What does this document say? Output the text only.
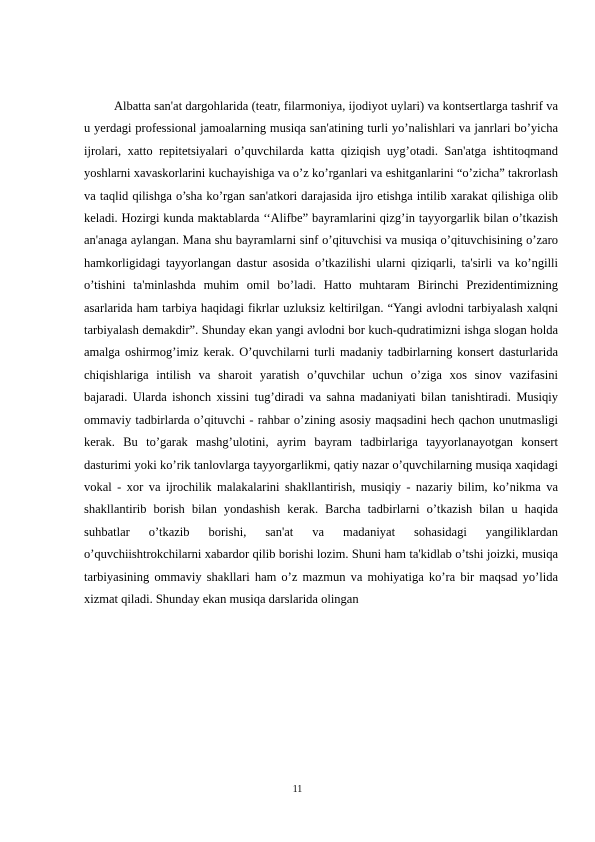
Albatta san'at dargohlarida (teatr, filarmoniya, ijodiyot uylari) va kontsertlarga tashrif va u yerdagi professional jamoalarning musiqa san'atining turli yo’nalishlari va janrlari bo’yicha ijrolari, xatto repitetsiyalari o’quvchilarda katta qiziqish uyg’otadi. San'atga ishtitoqmand yoshlarni xavaskorlarini kuchayishiga va o’z ko’rganlari va eshitganlarini “o’zicha” takrorlash va taqlid qilishga o’sha ko’rgan san'atkori darajasida ijro etishga intilib xarakat qilishiga olib keladi. Hozirgi kunda maktablarda ‘‘Alifbe” bayramlarini qizg’in tayyorgarlik bilan o’tkazish an'anaga aylangan. Mana shu bayramlarni sinf o’qituvchisi va musiqa o’qituvchisining o’zaro hamkorligidagi tayyorlangan dastur asosida o’tkazilishi ularni qiziqarli, ta'sirli va ko’ngilli o’tishini ta'minlashda muhim omil bo’ladi. Hatto muhtaram Birinchi Prezidentimizning asarlarida ham tarbiya haqidagi fikrlar uzluksiz keltirilgan. “Yangi avlodni tarbiyalash xalqni tarbiyalash demakdir”. Shunday ekan yangi avlodni bor kuch-qudratimizni ishga slogan holda amalga oshirmog’imiz kerak. O’quvchilarni turli madaniy tadbirlarning konsert dasturlarida chiqishlariga intilish va sharoit yaratish o’quvchilar uchun o’ziga xos sinov vazifasini bajaradi. Ularda ishonch xissini tug’diradi va sahna madaniyati bilan tanishtiradi. Musiqiy ommaviy tadbirlarda o’qituvchi - rahbar o’zining asosiy maqsadini hech qachon unutmasligi kerak. Bu to’garak mashg’ulotini, ayrim bayram tadbirlariga tayyorlanayotgan konsert dasturimi yoki ko’rik tanlovlarga tayyorgarlikmi, qatiy nazar o’quvchilarning musiqa xaqidagi vokal - xor va ijrochilik malakalarini shakllantirish, musiqiy - nazariy bilim, ko’nikma va shakllantirib borish bilan yondashish kerak. Barcha tadbirlarni o’tkazish bilan u haqida suhbatlar o’tkazib borishi, san'at va madaniyat sohasidagi yangiliklardan o’quvchiishtrokchilarni xabardor qilib borishi lozim. Shuni ham ta'kidlab o’tshi joizki, musiqa tarbiyasining ommaviy shakllari ham o’z mazmun va mohiyatiga ko’ra bir maqsad yo’lida xizmat qiladi. Shunday ekan musiqa darslarida olingan

11
